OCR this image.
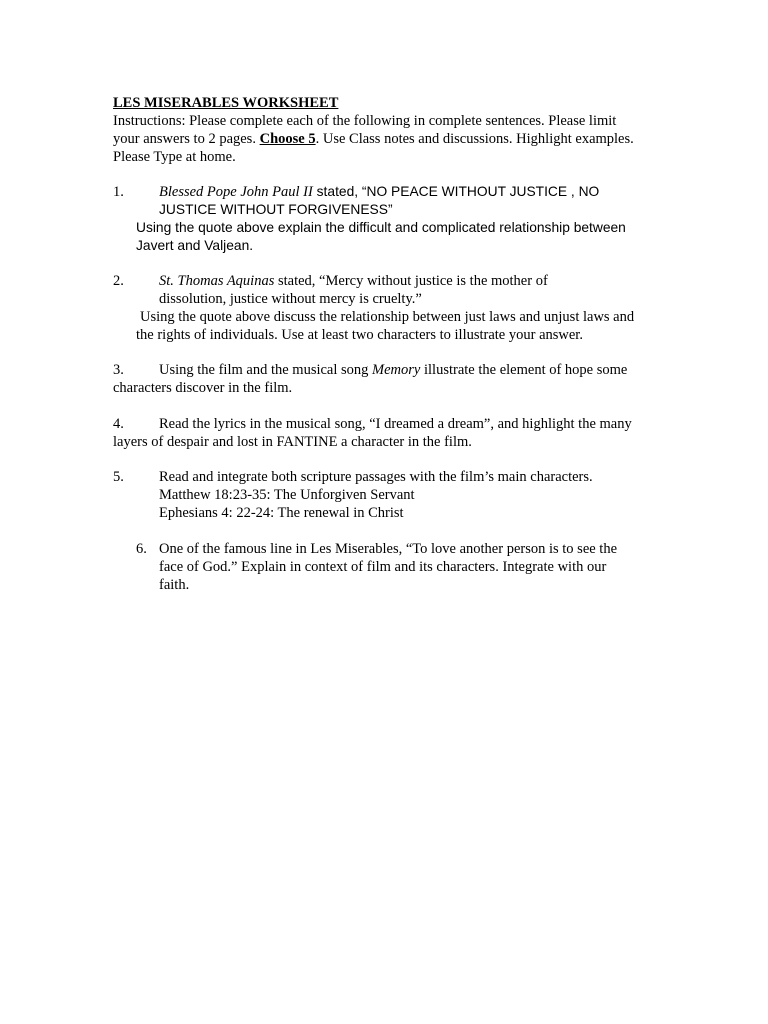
LES MISERABLES WORKSHEET
Instructions: Please complete each of the following in complete sentences. Please limit
your answers to 2 pages. Choose 5. Use Class notes and discussions. Highlight examples.
Please Type at home.
1. Blessed Pope John Paul II stated, “NO PEACE WITHOUT JUSTICE , NO
JUSTICE WITHOUT FORGIVENESS”
Using the quote above explain the difficult and complicated relationship between
Javert and Valjean.
2. St. Thomas Aquinas stated, “Mercy without justice is the mother of
dissolution, justice without mercy is cruelty.”
Using the quote above discuss the relationship between just laws and unjust laws and
the rights of individuals. Use at least two characters to illustrate your answer.
3. Using the film and the musical song Memory illustrate the element of hope some
characters discover in the film.
4. Read the lyrics in the musical song, “I dreamed a dream”, and highlight the many
layers of despair and lost in FANTINE a character in the film.
5. Read and integrate both scripture passages with the film’s main characters.
Matthew 18:23-35: The Unforgiven Servant
Ephesians 4: 22-24: The renewal in Christ
6. One of the famous line in Les Miserables, “To love another person is to see the
face of God.” Explain in context of film and its characters. Integrate with our
faith.
